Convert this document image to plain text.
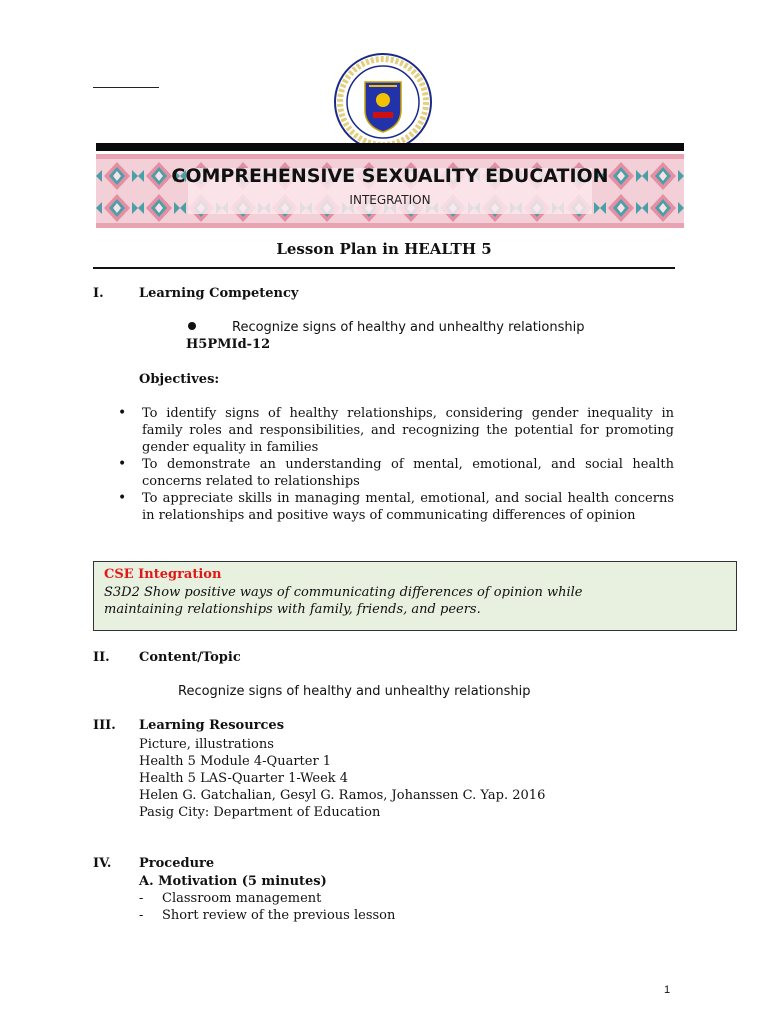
COMPREHENSIVE SEXUALITY EDUCATION
INTEGRATION
Lesson Plan in HEALTH 5
I.	Learning Competency
Recognize signs of healthy and unhealthy relationship
H5PMId-12
Objectives:
• To identify signs of healthy relationships, considering gender inequality in family roles and responsibilities, and recognizing the potential for promoting gender equality in families
• To demonstrate an understanding of mental, emotional, and social health concerns related to relationships
• To appreciate skills in managing mental, emotional, and social health concerns in relationships and positive ways of communicating differences of opinion
CSE Integration
S3D2 Show positive ways of communicating differences of opinion while
maintaining relationships with family, friends, and peers.
II. Content/Topic
Recognize signs of healthy and unhealthy relationship
III. Learning Resources
Picture, illustrations
Health 5 Module 4-Quarter 1
Health 5 LAS-Quarter 1-Week 4
Helen G. Gatchalian, Gesyl G. Ramos, Johanssen C. Yap. 2016
Pasig City: Department of Education
IV. Procedure
A. Motivation (5 minutes)
- Classroom management
- Short review of the previous lesson
1
